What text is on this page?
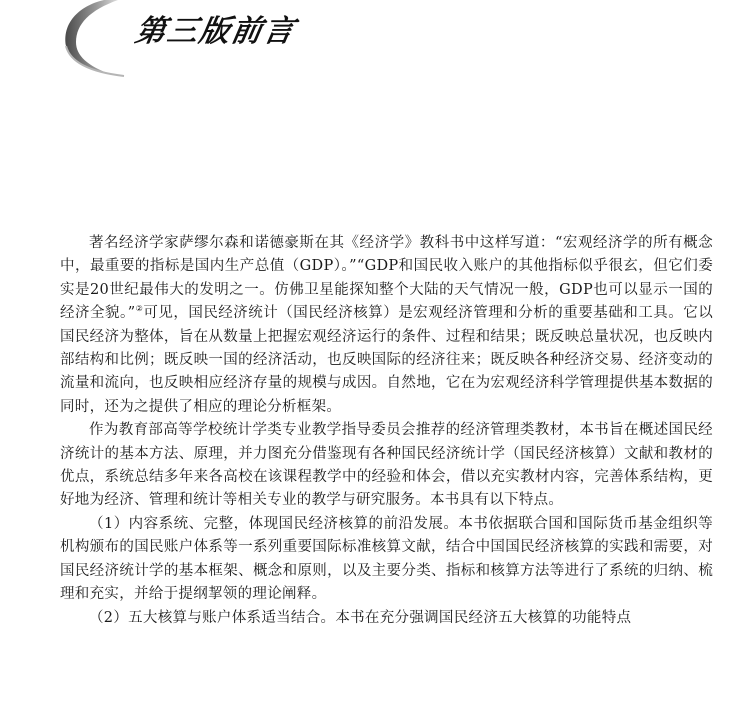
第三版前言

著名经济学家萨缪尔森和诺德豪斯在其《经济学》教科书中这样写道：“宏观经济学的所有概念中，最重要的指标是国内生产总值（GDP）。”“GDP和国民收入账户的其他指标似乎很玄，但它们委实是20世纪最伟大的发明之一。仿佛卫星能探知整个大陆的天气情况一般，GDP也可以显示一国的经济全貌。”②可见，国民经济统计（国民经济核算）是宏观经济管理和分析的重要基础和工具。它以国民经济为整体，旨在从数量上把握宏观经济运行的条件、过程和结果；既反映总量状况，也反映内部结构和比例；既反映一国的经济活动，也反映国际的经济往来；既反映各种经济交易、经济变动的流量和流向，也反映相应经济存量的规模与成因。自然地，它在为宏观经济科学管理提供基本数据的同时，还为之提供了相应的理论分析框架。

作为教育部高等学校统计学类专业教学指导委员会推荐的经济管理类教材，本书旨在概述国民经济统计的基本方法、原理，并力图充分借鉴现有各种国民经济统计学（国民经济核算）文献和教材的优点，系统总结多年来各高校在该课程教学中的经验和体会，借以充实教材内容，完善体系结构，更好地为经济、管理和统计等相关专业的教学与研究服务。本书具有以下特点。

（1）内容系统、完整，体现国民经济核算的前沿发展。本书依据联合国和国际货币基金组织等机构颁布的国民账户体系等一系列重要国际标准核算文献，结合中国国民经济核算的实践和需要，对国民经济统计学的基本框架、概念和原则，以及主要分类、指标和核算方法等进行了系统的归纳、梳理和充实，并给于提纲挈领的理论阐释。

（2）五大核算与账户体系适当结合。本书在充分强调国民经济五大核算的功能特点
